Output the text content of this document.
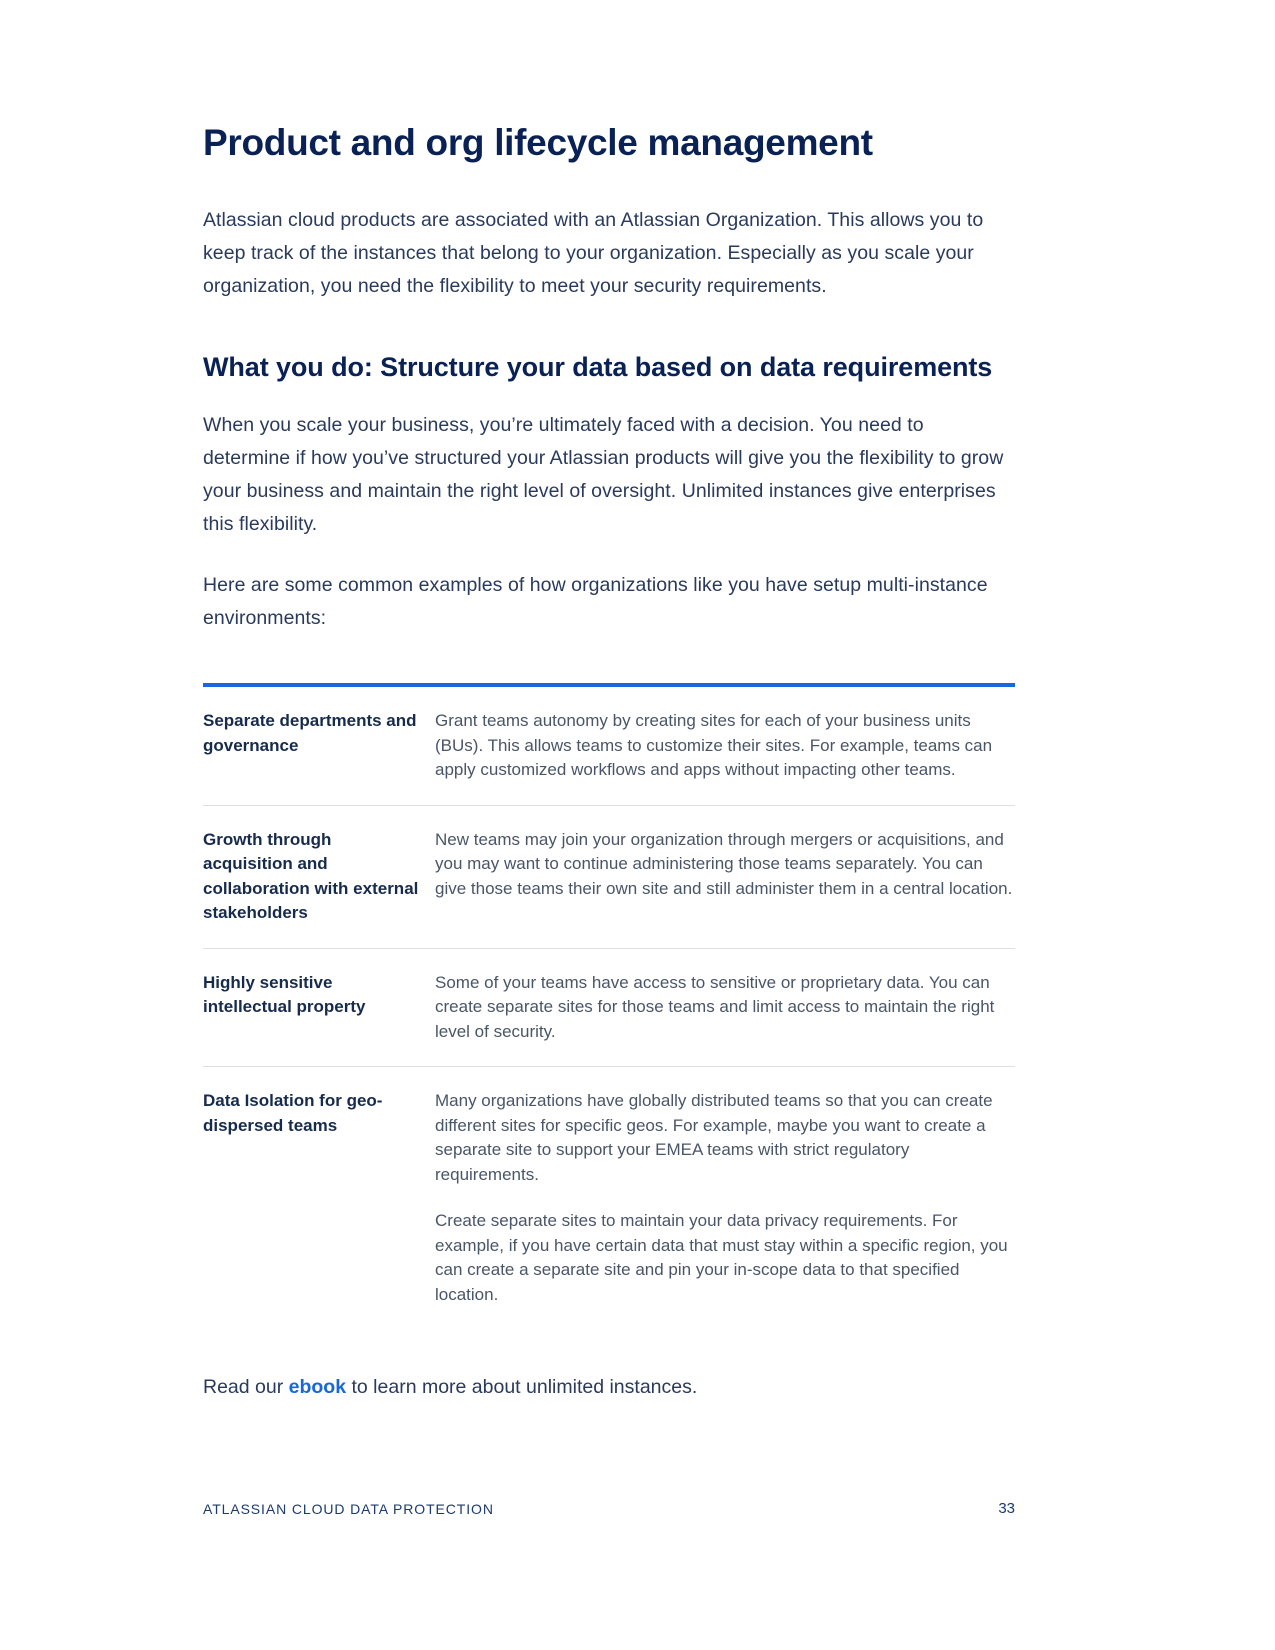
Product and org lifecycle management

Atlassian cloud products are associated with an Atlassian Organization. This allows you to keep track of the instances that belong to your organization. Especially as you scale your organization, you need the flexibility to meet your security requirements.

What you do: Structure your data based on data requirements

When you scale your business, you’re ultimately faced with a decision. You need to determine if how you’ve structured your Atlassian products will give you the flexibility to grow your business and maintain the right level of oversight. Unlimited instances give enterprises this flexibility.

Here are some common examples of how organizations like you have setup multi-instance environments:

Separate departments and governance

Grant teams autonomy by creating sites for each of your business units (BUs). This allows teams to customize their sites. For example, teams can apply customized workflows and apps without impacting other teams.

Growth through acquisition and collaboration with external stakeholders

New teams may join your organization through mergers or acquisitions, and you may want to continue administering those teams separately. You can give those teams their own site and still administer them in a central location.

Highly sensitive intellectual property

Some of your teams have access to sensitive or proprietary data. You can create separate sites for those teams and limit access to maintain the right level of security.

Data Isolation for geo-dispersed teams

Many organizations have globally distributed teams so that you can create different sites for specific geos. For example, maybe you want to create a separate site to support your EMEA teams with strict regulatory requirements.

Create separate sites to maintain your data privacy requirements. For example, if you have certain data that must stay within a specific region, you can create a separate site and pin your in-scope data to that specified location.

Read our ebook to learn more about unlimited instances.
ATLASSIAN CLOUD DATA PROTECTION	33
